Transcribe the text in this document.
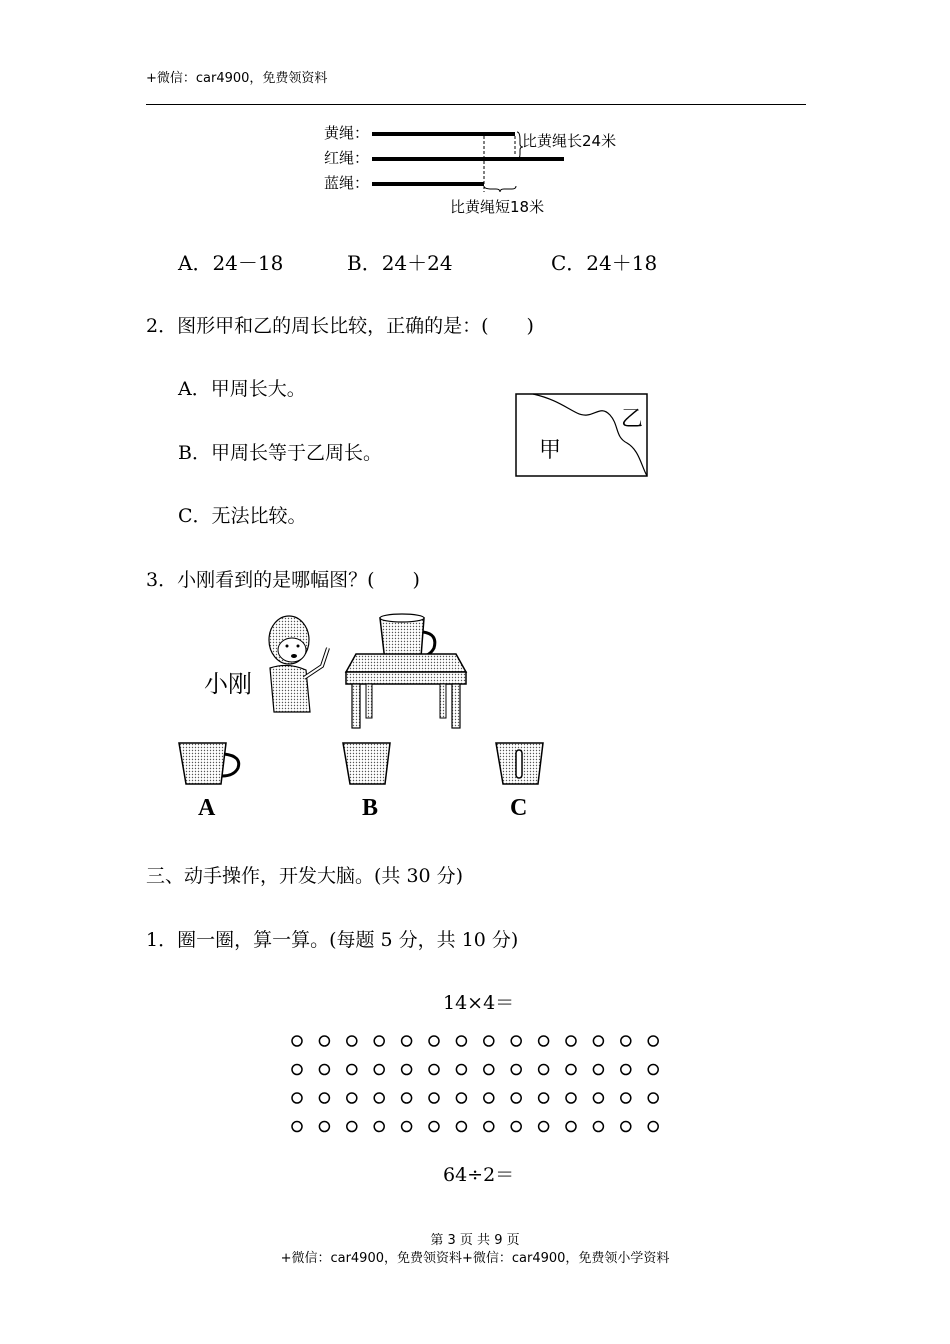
+微信：car4900，免费领资料
黄绳：
红绳：
蓝绳：
比黄绳长24米
比黄绳短18米
A．24－18	B．24＋24	C．24＋18
2．图形甲和乙的周长比较，正确的是：(　　)
A．甲周长大。
B．甲周长等于乙周长。
C．无法比较。
甲
乙
3．小刚看到的是哪幅图？(　　)
小刚
A	B	C
三、动手操作，开发大脑。(共 30 分)
1．圈一圈，算一算。(每题 5 分，共 10 分)
14×4＝
64÷2＝
第 3 页 共 9 页
+微信：car4900，免费领资料+微信：car4900，免费领小学资料
